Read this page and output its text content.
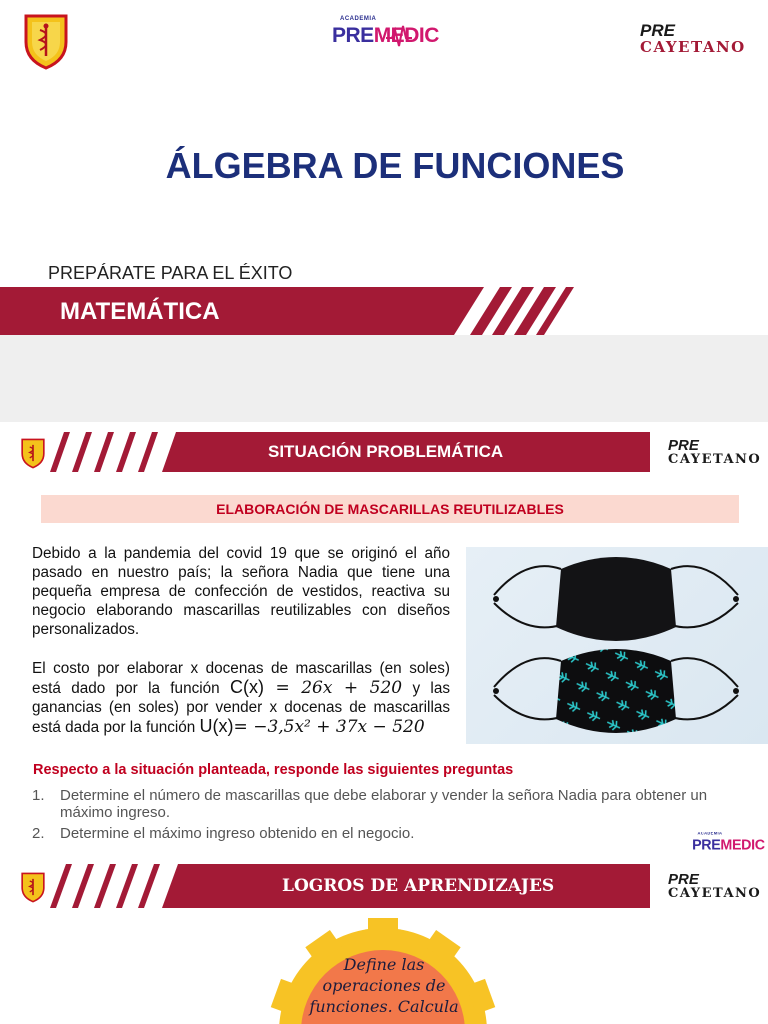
ACADEMIA
PREMEDIC	PRE
CAYETANO
ÁLGEBRA DE FUNCIONES
PREPÁRATE PARA EL ÉXITO
MATEMÁTICA
SITUACIÓN PROBLEMÁTICA	PRE
CAYETANO
ELABORACIÓN DE MASCARILLAS REUTILIZABLES
Debido a la pandemia del covid 19 que se originó el año pasado en nuestro país; la señora Nadia que tiene una pequeña empresa de confección de vestidos, reactiva su negocio elaborando mascarillas reutilizables con diseños personalizados.
El costo por elaborar x docenas de mascarillas (en soles) está dado por la función C(x) = 26x + 520 y las ganancias (en soles) por vender x docenas de mascarillas está dada por la función U(x)= −3,5x² + 37x − 520
Respecto a la situación planteada, responde las siguientes preguntas
1.	Determine el número de mascarillas que debe elaborar y vender la señora Nadia para obtener un máximo ingreso.
2.	Determine el máximo ingreso obtenido en el negocio.	ACADEMIA
PREMEDIC
LOGROS DE APRENDIZAJES	PRE
CAYETANO
Define las operaciones de funciones. Calcula
